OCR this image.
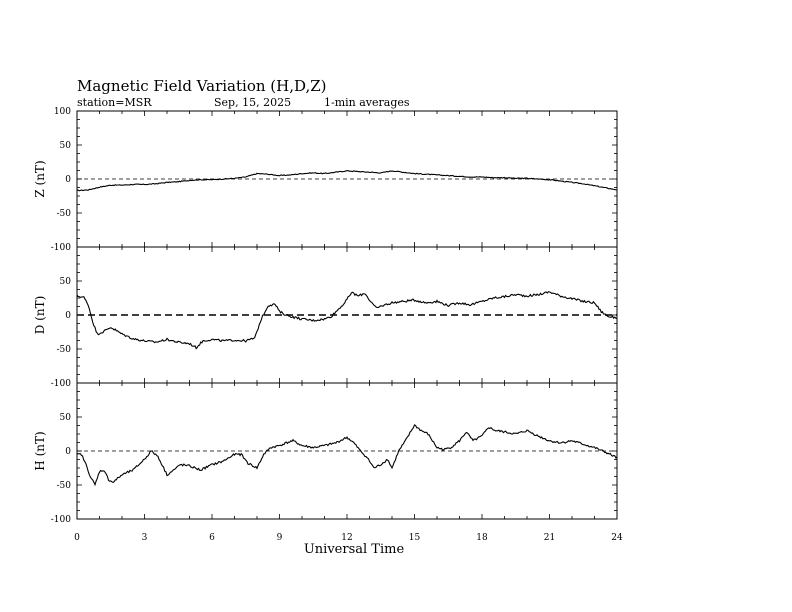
Magnetic Field Variation (H,D,Z)
station=MSR	Sep, 15, 2025	1-min averages
-100
-50
0
50
100
Z (nT)
-100
-50
0
50
D (nT)
-100
-50
0
50
H (nT)
0	3	6	9	12	15	18	21	24
Universal Time
